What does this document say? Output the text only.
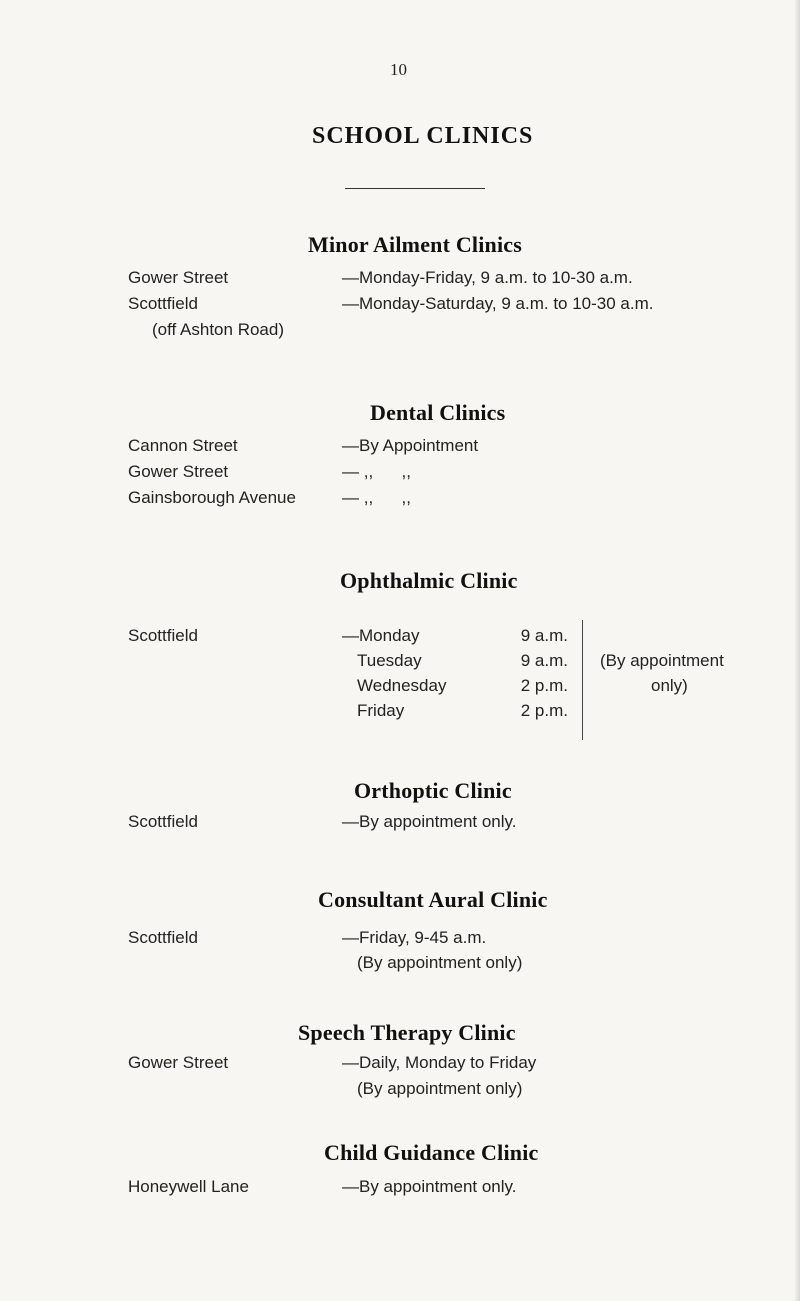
10
SCHOOL CLINICS
Minor Ailment Clinics
Gower Street	—Monday-Friday, 9 a.m. to 10-30 a.m.
Scottfield	—Monday-Saturday, 9 a.m. to 10-30 a.m.
(off Ashton Road)
Dental Clinics
Cannon Street	—By Appointment
Gower Street	— ,,      ,,
Gainsborough Avenue	— ,,      ,,
Ophthalmic Clinic
Scottfield	—Monday	9 a.m.
Tuesday	9 a.m.
Wednesday	2 p.m.
Friday	2 p.m.
(By appointment
only)
Orthoptic Clinic
Scottfield	—By appointment only.
Consultant Aural Clinic
Scottfield	—Friday, 9-45 a.m.
(By appointment only)
Speech Therapy Clinic
Gower Street	—Daily, Monday to Friday
(By appointment only)
Child Guidance Clinic
Honeywell Lane	—By appointment only.
